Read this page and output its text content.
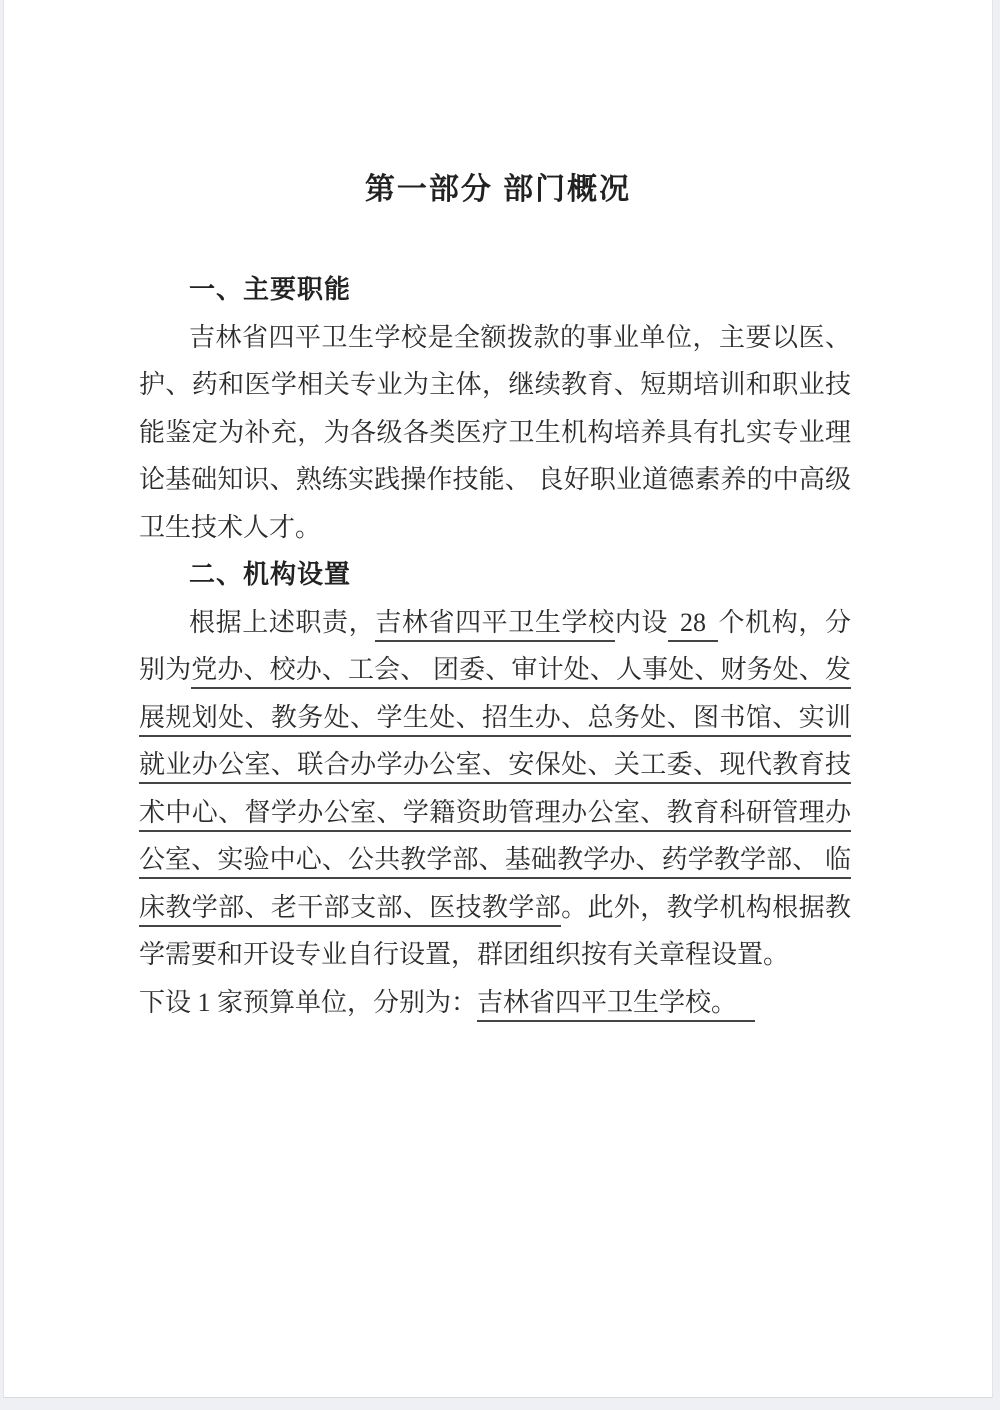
第一部分 部门概况
一、主要职能
吉林省四平卫生学校是全额拨款的事业单位，主要以医、
护、药和医学相关专业为主体，继续教育、短期培训和职业技
能鉴定为补充，为各级各类医疗卫生机构培养具有扎实专业理
论基础知识、熟练实践操作技能、 良好职业道德素养的中高级
卫生技术人才。
二、机构设置
根据上述职责，吉林省四平卫生学校内设 28 个机构，分
别为党办、校办、工会、 团委、审计处、人事处、财务处、发
展规划处、教务处、学生处、招生办、总务处、图书馆、实训
就业办公室、联合办学办公室、安保处、关工委、现代教育技
术中心、督学办公室、学籍资助管理办公室、教育科研管理办
公室、实验中心、公共教学部、基础教学办、药学教学部、 临
床教学部、老干部支部、医技教学部。此外，教学机构根据教
学需要和开设专业自行设置，群团组织按有关章程设置。
下设 1 家预算单位，分别为：吉林省四平卫生学校。
